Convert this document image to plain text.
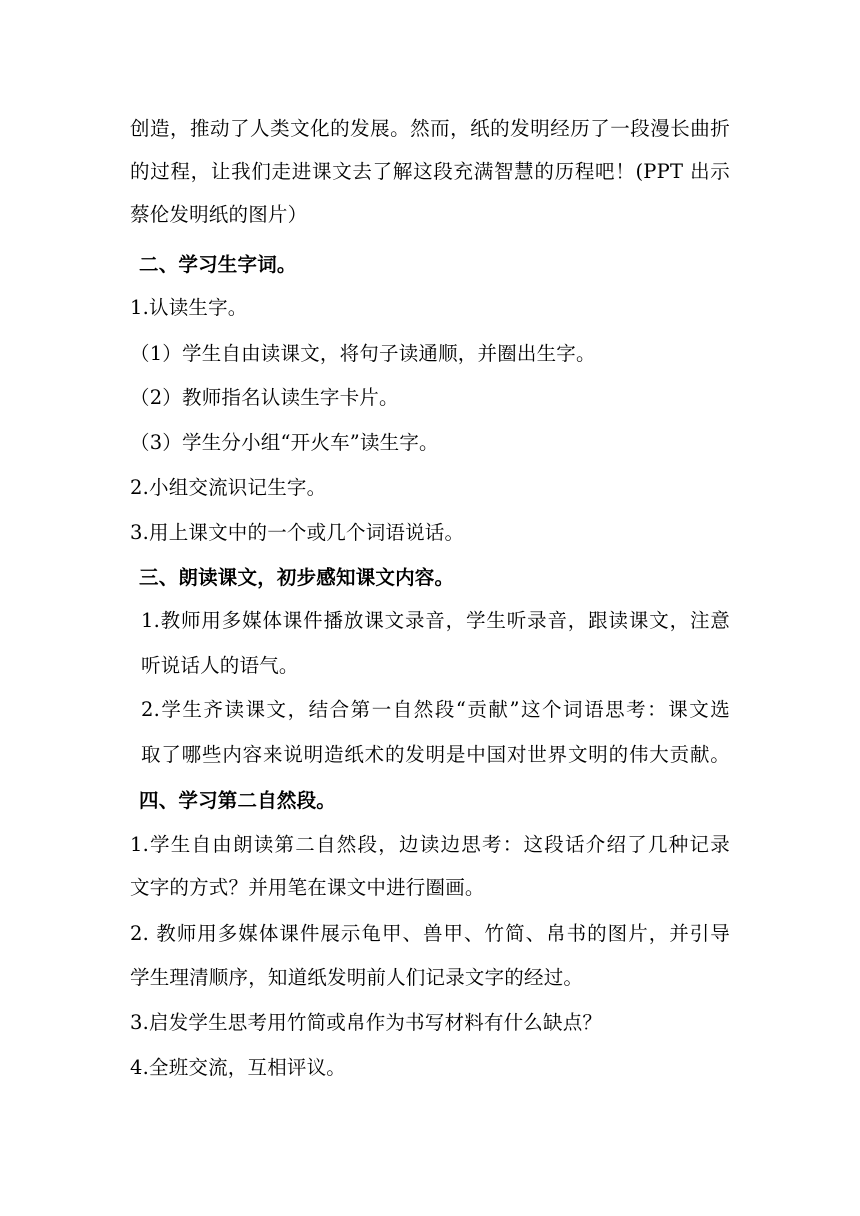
创造，推动了人类文化的发展。然而，纸的发明经历了一段漫长曲折
的过程，让我们走进课文去了解这段充满智慧的历程吧！(PPT 出示
蔡伦发明纸的图片）
二、学习生字词。
1.认读生字。
（1）学生自由读课文，将句子读通顺，并圈出生字。
（2）教师指名认读生字卡片。
（3）学生分小组“开火车”读生字。
2.小组交流识记生字。
3.用上课文中的一个或几个词语说话。
三、朗读课文，初步感知课文内容。
1.教师用多媒体课件播放课文录音，学生听录音，跟读课文，注意
听说话人的语气。
2.学生齐读课文，结合第一自然段“贡献”这个词语思考：课文选
取了哪些内容来说明造纸术的发明是中国对世界文明的伟大贡献。
四、学习第二自然段。
1.学生自由朗读第二自然段，边读边思考：这段话介绍了几种记录
文字的方式？并用笔在课文中进行圈画。
2. 教师用多媒体课件展示龟甲、兽甲、竹简、帛书的图片，并引导
学生理清顺序，知道纸发明前人们记录文字的经过。
3.启发学生思考用竹简或帛作为书写材料有什么缺点？
4.全班交流，互相评议。
